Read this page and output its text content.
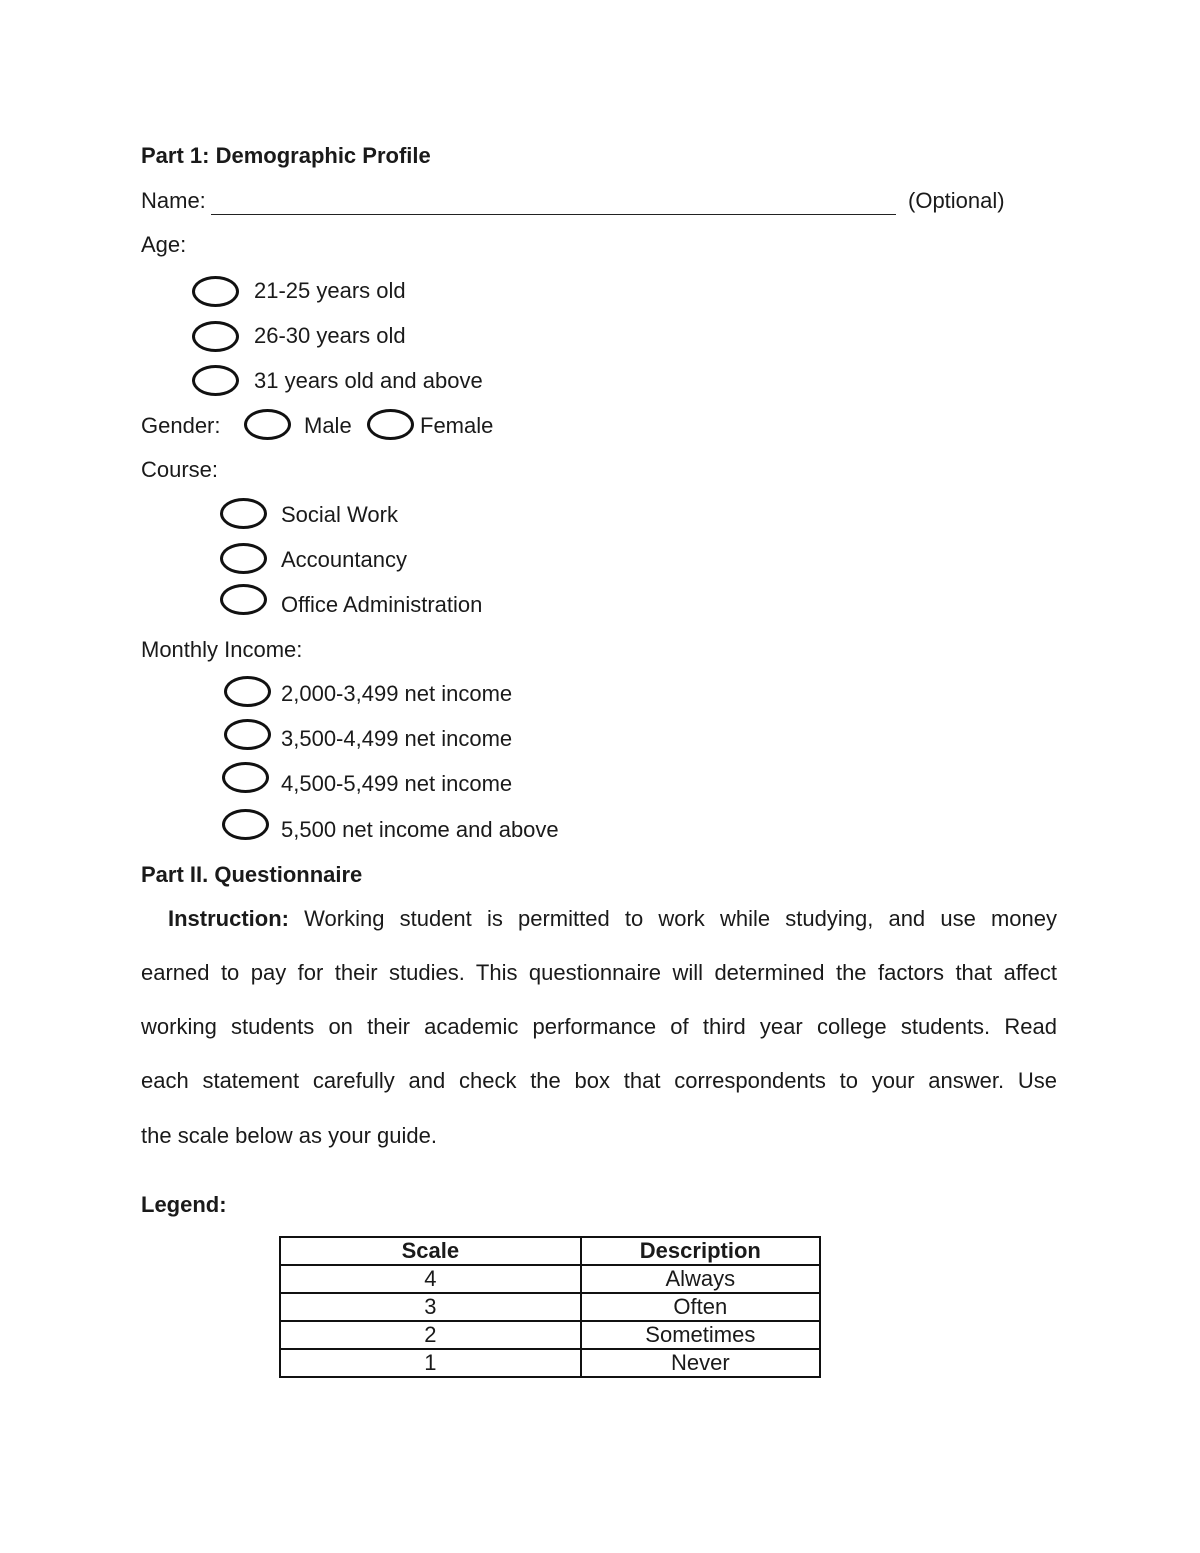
Part 1: Demographic Profile
Name:	(Optional)
Age:
21-25 years old
26-30 years old
31 years old and above
Gender:	Male	Female
Course:
Social Work
Accountancy
Office Administration
Monthly Income:
2,000-3,499 net income
3,500-4,499 net income
4,500-5,499 net income
5,500 net income and above
Part II. Questionnaire
Instruction: Working student is permitted to work while studying, and use money
earned to pay for their studies. This questionnaire will determined the factors that affect
working students on their academic performance of third year college students. Read
each statement carefully and check the box that correspondents to your answer. Use
the scale below as your guide.
Legend:
Scale	Description
4	Always
3	Often
2	Sometimes
1	Never
